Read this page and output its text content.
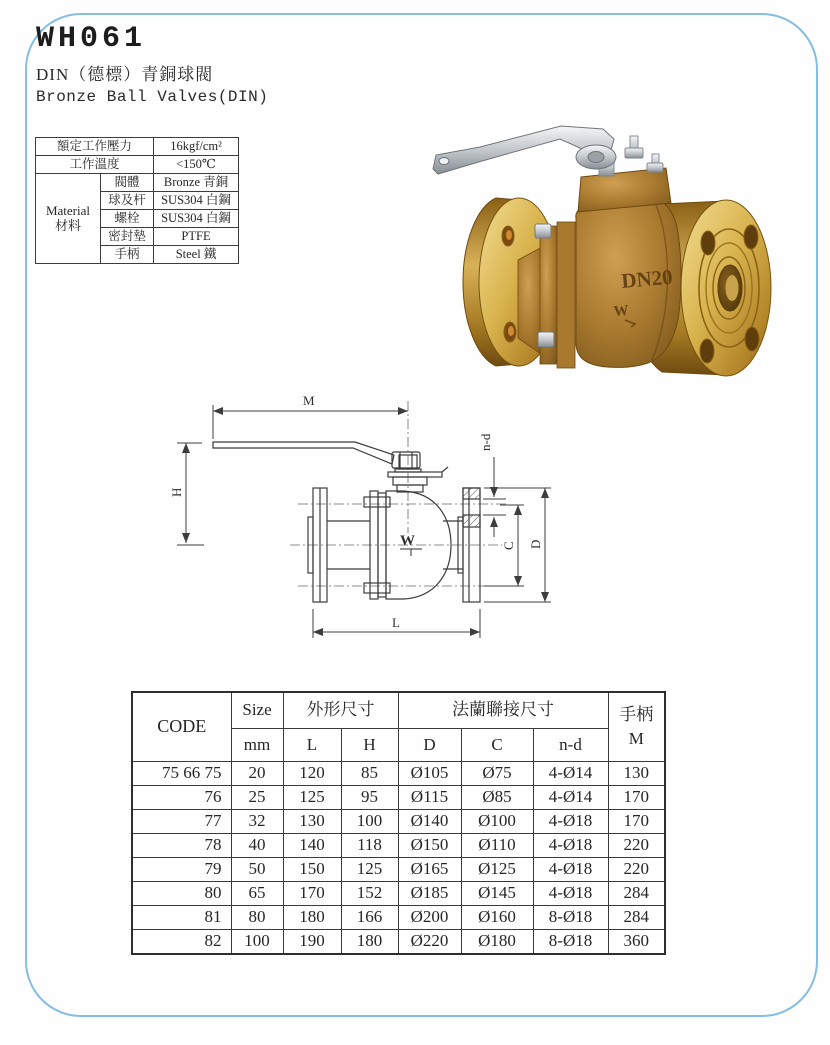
WH061
DIN（德標）青銅球閥
Bronze Ball Valves(DIN)
額定工作壓力		16kgf/cm²
工作溫度		<150℃

Material
材料	閥體	Bronze 青銅
	球及杆	SUS304 白鋼
	螺栓	SUS304 白鋼
	密封墊	PTFE
	手柄	Steel 鐵
DN20
W
M
H
L
C D
n-d
W
CODE	Size	外形尺寸		法蘭聯接尺寸			手柄
M

	mm	L	H	D	C	n-d	
75 66 75	20	120	85	Ø105	Ø75	4-Ø14	130
76	25	125	95	Ø115	Ø85	4-Ø14	170
77	32	130	100	Ø140	Ø100	4-Ø18	170
78	40	140	118	Ø150	Ø110	4-Ø18	220
79	50	150	125	Ø165	Ø125	4-Ø18	220
80	65	170	152	Ø185	Ø145	4-Ø18	284
81	80	180	166	Ø200	Ø160	8-Ø18	284
82	100	190	180	Ø220	Ø180	8-Ø18	360
